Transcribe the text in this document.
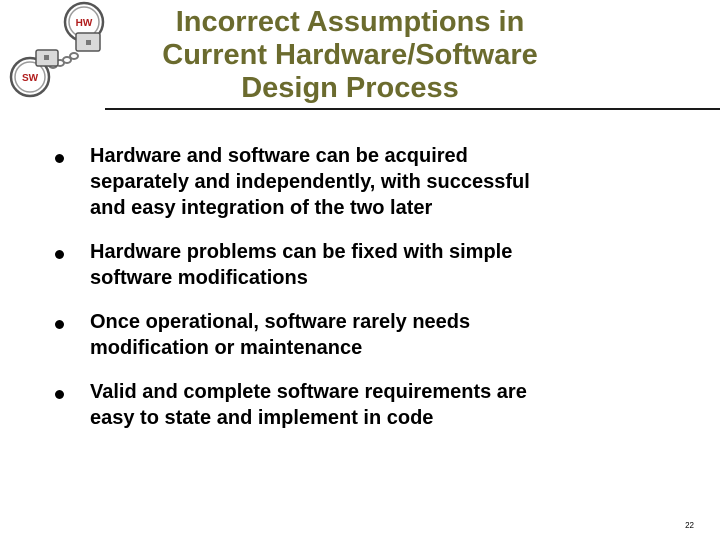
HW
SW
Incorrect Assumptions in
Current Hardware/Software
Design Process
Hardware and software can be acquired
separately and independently, with successful
and easy integration of the two later
Hardware problems can be fixed with simple
software modifications
Once operational, software rarely needs
modification or maintenance
Valid and complete software requirements are
easy to state and implement in code
22
